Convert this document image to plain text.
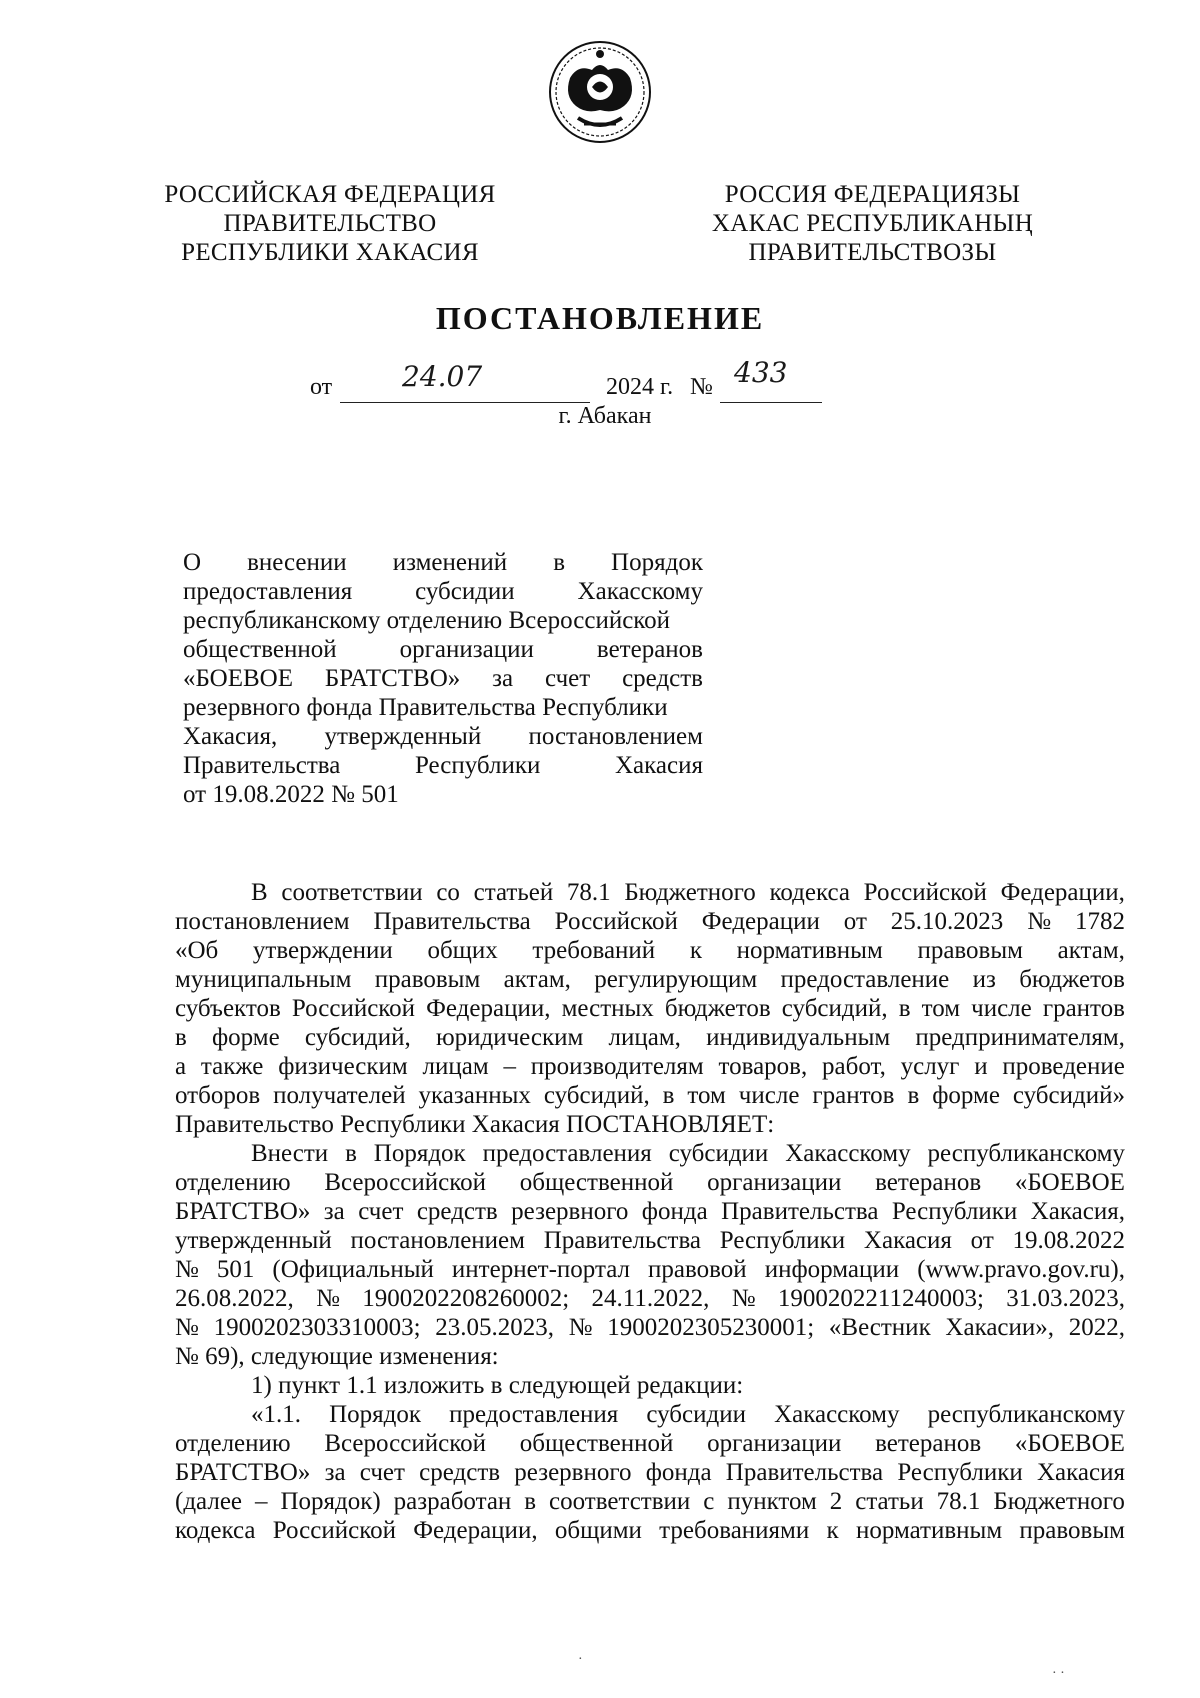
РОССИЙСКАЯ ФЕДЕРАЦИЯ
ПРАВИТЕЛЬСТВО
РЕСПУБЛИКИ ХАКАСИЯ
РОССИЯ ФЕДЕРАЦИЯЗЫ
ХАКАС РЕСПУБЛИКАНЫҢ
ПРАВИТЕЛЬСТВОЗЫ
ПОСТАНОВЛЕНИЕ
от 24.07	2024 г. № 433
г. Абакан
О внесении изменений в Порядок
предоставления	субсидии	Хакасскому
республиканскому отделению Всероссийской
общественной	организации	ветеранов
«БОЕВОЕ БРАТСТВО» за счет средств
резервного фонда Правительства Республики
Хакасия, утвержденный постановлением
Правительства	Республики	Хакасия
от 19.08.2022 № 501
В соответствии со статьей 78.1 Бюджетного кодекса Российской Федерации,
постановлением Правительства Российской Федерации от 25.10.2023 № 1782
«Об утверждении общих требований к нормативным правовым актам,
муниципальным правовым актам, регулирующим предоставление из бюджетов
субъектов Российской Федерации, местных бюджетов субсидий, в том числе грантов
в форме субсидий, юридическим лицам, индивидуальным предпринимателям,
а также физическим лицам – производителям товаров, работ, услуг и проведение
отборов получателей указанных субсидий, в том числе грантов в форме субсидий»
Правительство Республики Хакасия ПОСТАНОВЛЯЕТ:
Внести в Порядок предоставления субсидии Хакасскому республиканскому
отделению Всероссийской общественной организации ветеранов «БОЕВОЕ
БРАТСТВО» за счет средств резервного фонда Правительства Республики Хакасия,
утвержденный постановлением Правительства Республики Хакасия от 19.08.2022
№ 501 (Официальный интернет-портал правовой информации (www.pravo.gov.ru),
26.08.2022, № 1900202208260002; 24.11.2022, № 1900202211240003; 31.03.2023,
№ 1900202303310003; 23.05.2023, № 1900202305230001; «Вестник Хакасии», 2022,
№ 69), следующие изменения:
1) пункт 1.1 изложить в следующей редакции:
«1.1. Порядок предоставления субсидии Хакасскому республиканскому
отделению Всероссийской общественной организации ветеранов «БОЕВОЕ
БРАТСТВО» за счет средств резервного фонда Правительства Республики Хакасия
(далее – Порядок) разработан в соответствии с пунктом 2 статьи 78.1 Бюджетного
кодекса Российской Федерации, общими требованиями к нормативным правовым
·
· ·
